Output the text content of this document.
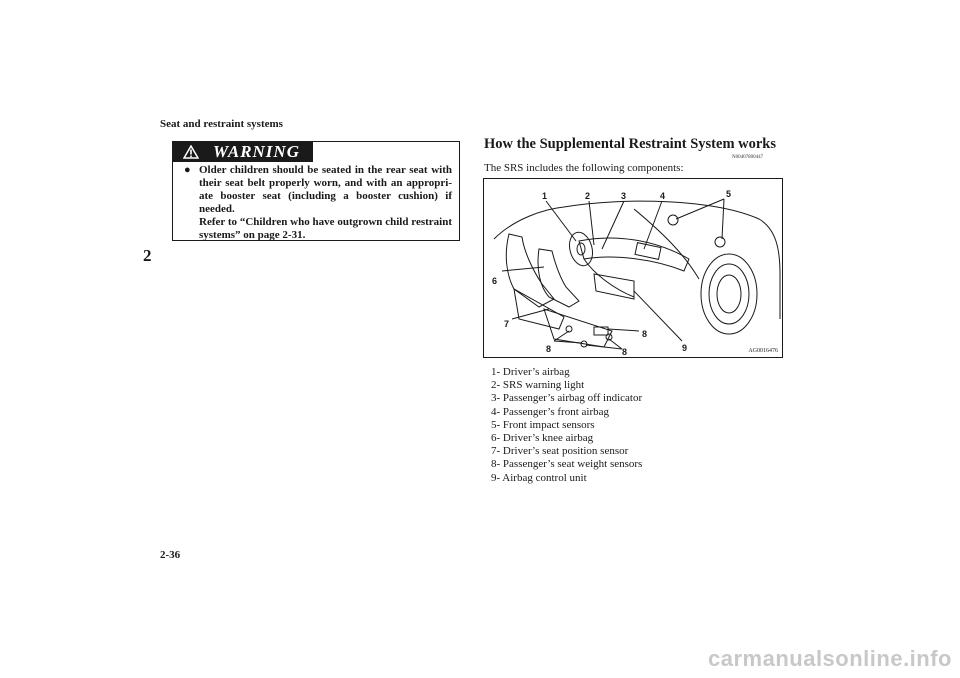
Seat and restraint systems
2
WARNING
● Older children should be seated in the rear seat with their seat belt properly worn, and with an appropri-ate booster seat (including a booster cushion) if needed.
Refer to “Children who have outgrown child restraint systems” on page 2-31.
How the Supplemental Restraint System works
N00407800447
The SRS includes the following components:
1	2	3	4	5
6
7
8	8
8
9	AG0016476
1- Driver’s airbag
2- SRS warning light
3- Passenger’s airbag off indicator
4- Passenger’s front airbag
5- Front impact sensors
6- Driver’s knee airbag
7- Driver’s seat position sensor
8- Passenger’s seat weight sensors
9- Airbag control unit
2-36
carmanualsonline.info
